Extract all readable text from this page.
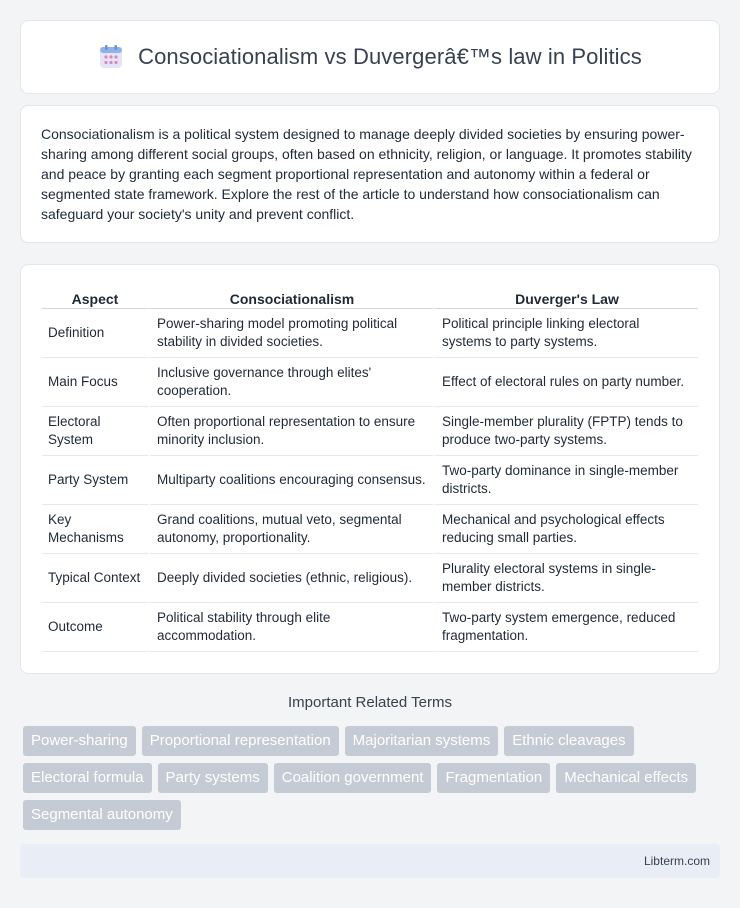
Consociationalism vs Duvergerâ€™s law in Politics

Consociationalism is a political system designed to manage deeply divided societies by ensuring power-sharing among different social groups, often based on ethnicity, religion, or language. It promotes stability and peace by granting each segment proportional representation and autonomy within a federal or segmented state framework. Explore the rest of the article to understand how consociationalism can safeguard your society's unity and prevent conflict.

Aspect	Consociationalism	Duverger's Law
Definition	Power-sharing model promoting political stability in divided societies.	Political principle linking electoral systems to party systems.
Main Focus	Inclusive governance through elites' cooperation.	Effect of electoral rules on party number.
Electoral System	Often proportional representation to ensure minority inclusion.	Single-member plurality (FPTP) tends to produce two-party systems.
Party System	Multiparty coalitions encouraging consensus.	Two-party dominance in single-member districts.
Key Mechanisms	Grand coalitions, mutual veto, segmental autonomy, proportionality.	Mechanical and psychological effects reducing small parties.
Typical Context	Deeply divided societies (ethnic, religious).	Plurality electoral systems in single-member districts.
Outcome	Political stability through elite accommodation.	Two-party system emergence, reduced fragmentation.
Important Related Terms
Power-sharing	Proportional representation	Majoritarian systems	Ethnic cleavages
Electoral formula	Party systems	Coalition government	Fragmentation	Mechanical effects
Segmental autonomy
Libterm.com
